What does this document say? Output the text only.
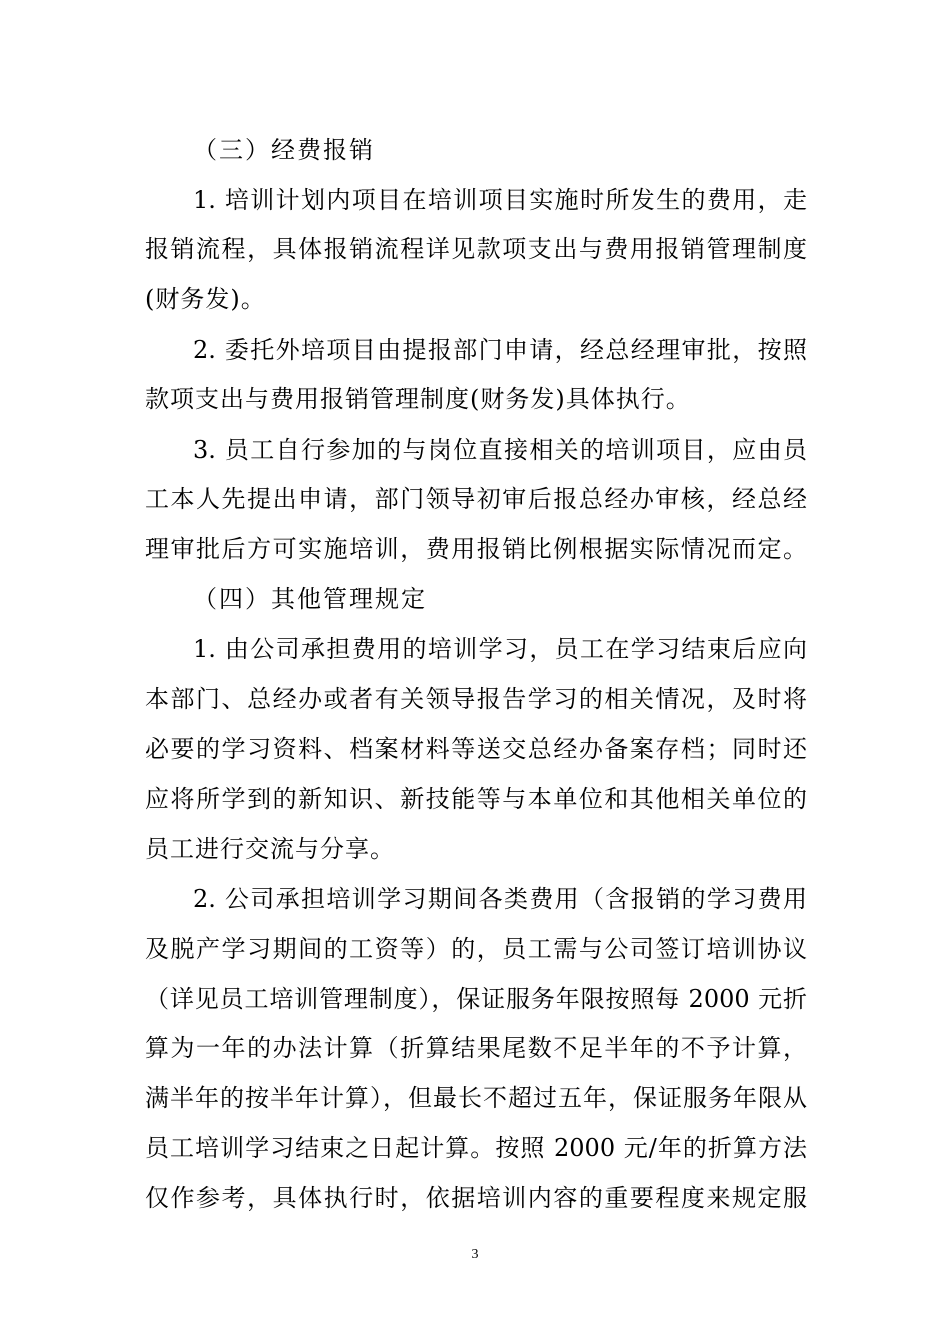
（三）经费报销
1. 培训计划内项目在培训项目实施时所发生的费用，走
报销流程，具体报销流程详见款项支出与费用报销管理制度
(财务发)。
2. 委托外培项目由提报部门申请，经总经理审批，按照
款项支出与费用报销管理制度(财务发)具体执行。
3. 员工自行参加的与岗位直接相关的培训项目，应由员
工本人先提出申请，部门领导初审后报总经办审核，经总经
理审批后方可实施培训，费用报销比例根据实际情况而定。
（四）其他管理规定
1. 由公司承担费用的培训学习，员工在学习结束后应向
本部门、总经办或者有关领导报告学习的相关情况，及时将
必要的学习资料、档案材料等送交总经办备案存档；同时还
应将所学到的新知识、新技能等与本单位和其他相关单位的
员工进行交流与分享。
2. 公司承担培训学习期间各类费用（含报销的学习费用
及脱产学习期间的工资等）的，员工需与公司签订培训协议
（详见员工培训管理制度），保证服务年限按照每 2000 元折
算为一年的办法计算（折算结果尾数不足半年的不予计算，
满半年的按半年计算），但最长不超过五年，保证服务年限从
员工培训学习结束之日起计算。按照 2000 元/年的折算方法
仅作参考，具体执行时，依据培训内容的重要程度来规定服
3
